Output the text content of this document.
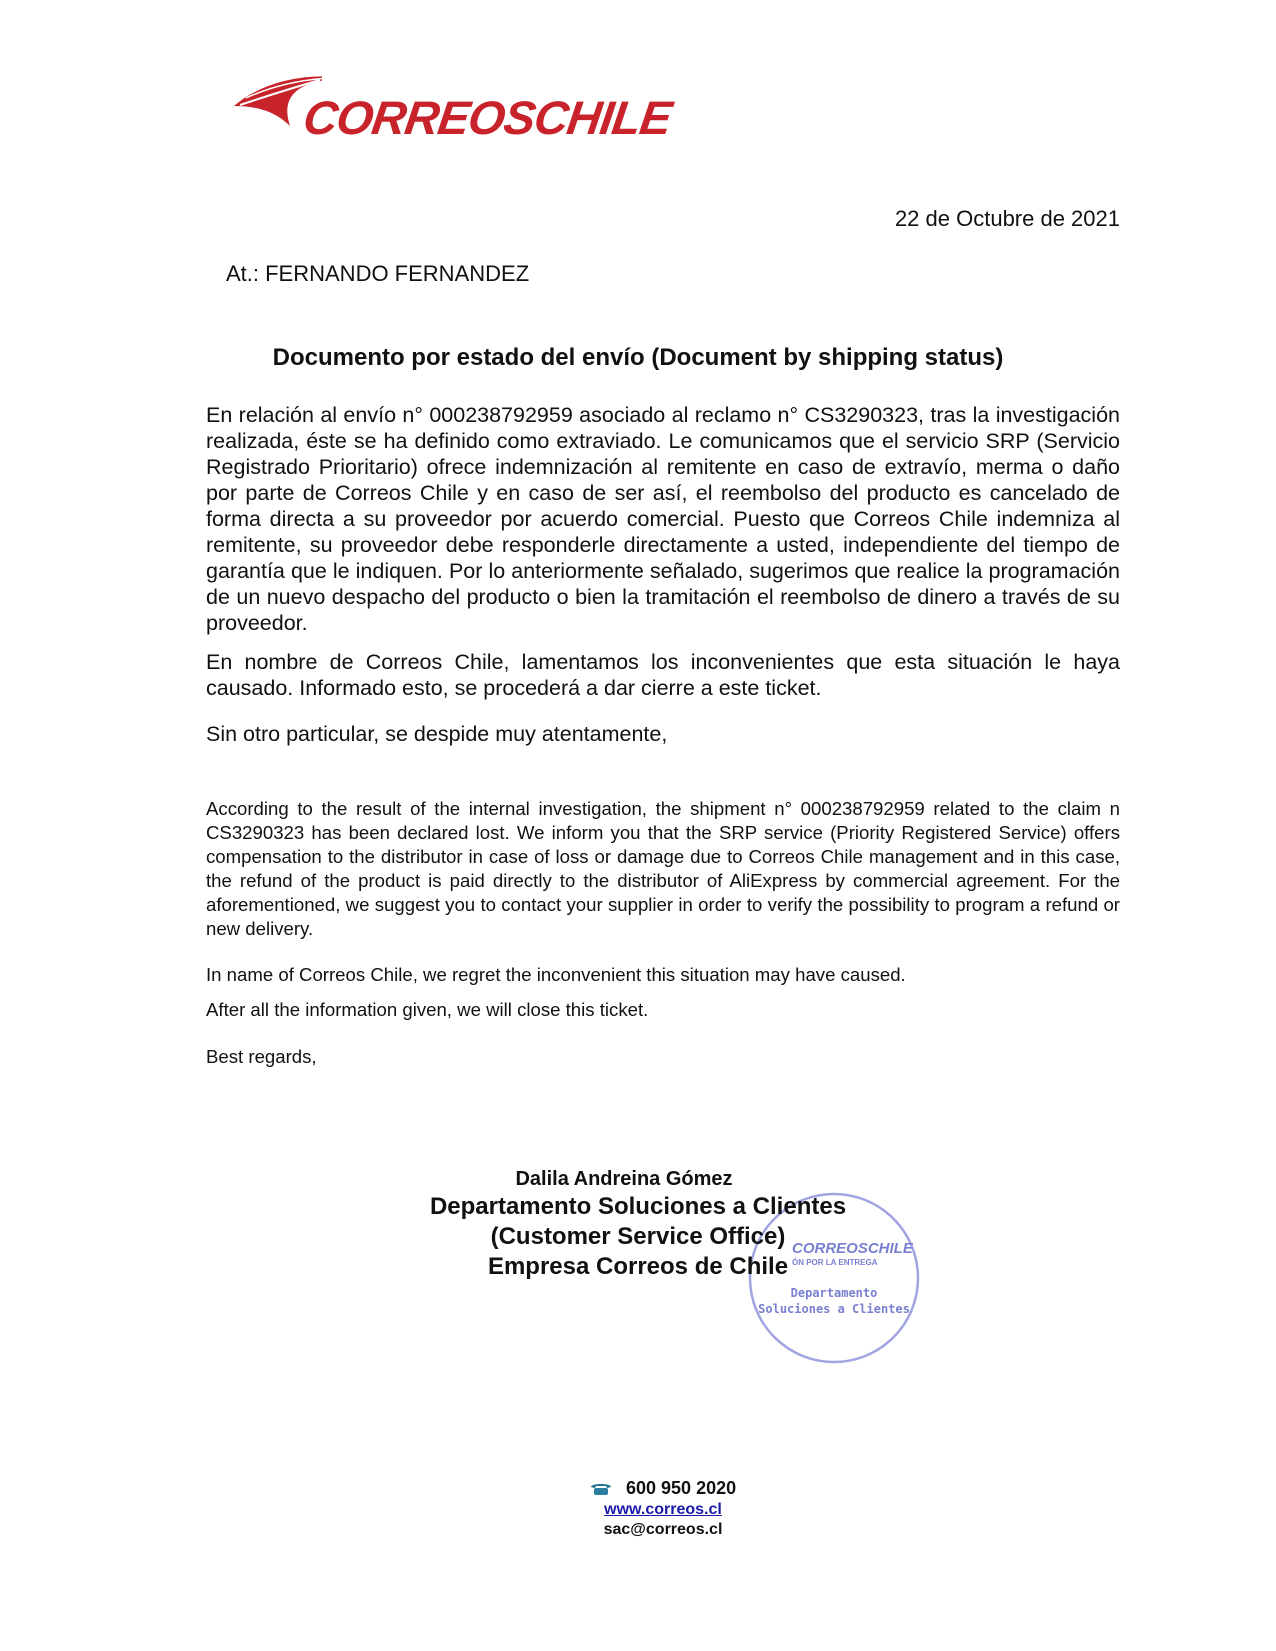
CORREOSCHILE
22 de Octubre de 2021
At.: FERNANDO FERNANDEZ
Documento por estado del envío (Document by shipping status)
En relación al envío n° 000238792959 asociado al reclamo n° CS3290323, tras la investigación realizada, éste se ha definido como extraviado. Le comunicamos que el servicio SRP (Servicio Registrado Prioritario) ofrece indemnización al remitente en caso de extravío, merma o daño por parte de Correos Chile y en caso de ser así, el reembolso del producto es cancelado de forma directa a su proveedor por acuerdo comercial. Puesto que Correos Chile indemniza al remitente, su proveedor debe responderle directamente a usted, independiente del tiempo de garantía que le indiquen. Por lo anteriormente señalado, sugerimos que realice la programación de un nuevo despacho del producto o bien la tramitación el reembolso de dinero a través de su proveedor.
En nombre de Correos Chile, lamentamos los inconvenientes que esta situación le haya causado. Informado esto, se procederá a dar cierre a este ticket.
Sin otro particular, se despide muy atentamente,
According to the result of the internal investigation, the shipment n° 000238792959 related to the claim n CS3290323 has been declared lost. We inform you that the SRP service (Priority Registered Service) offers compensation to the distributor in case of loss or damage due to Correos Chile management and in this case, the refund of the product is paid directly to the distributor of AliExpress by commercial agreement. For the aforementioned, we suggest you to contact your supplier in order to verify the possibility to program a refund or new delivery.
In name of Correos Chile, we regret the inconvenient this situation may have caused.
After all the information given, we will close this ticket.
Best regards,
CORREOSCHILE
ÓN POR LA ENTREGA
Departamento
Soluciones a Clientes
Dalila Andreina Gómez
Departamento Soluciones a Clientes
(Customer Service Office)
Empresa Correos de Chile
600 950 2020
www.correos.cl
sac@correos.cl
